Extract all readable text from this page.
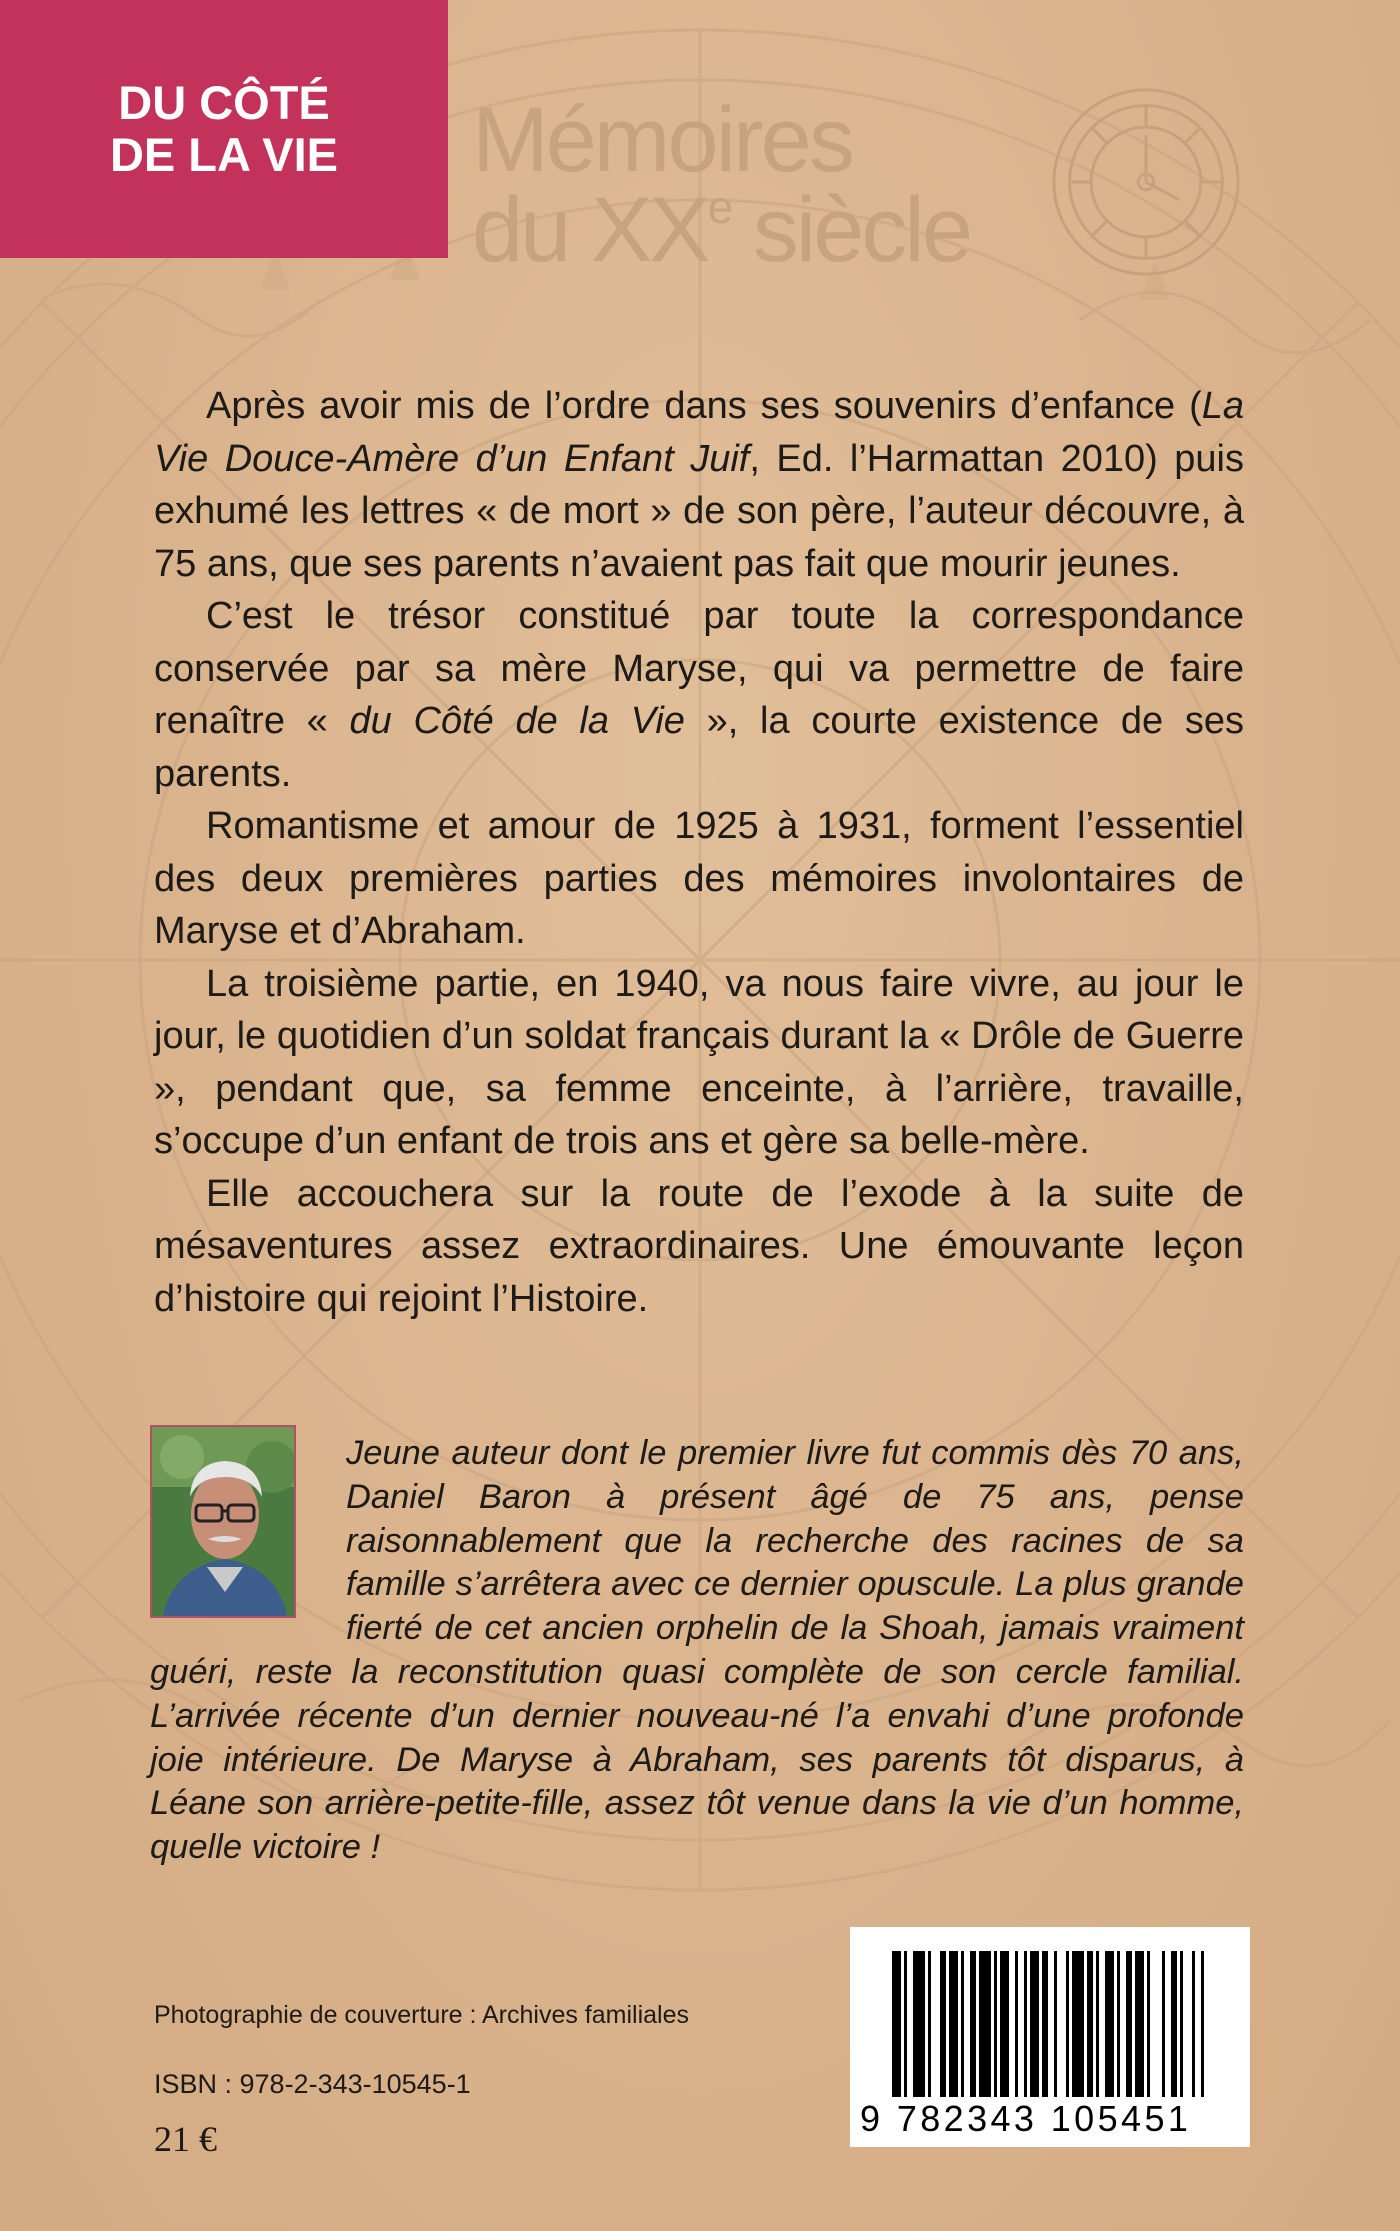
DU CÔTÉ
DE LA VIE Mémoires
du XXe siècle

Après avoir mis de l’ordre dans ses souvenirs d’enfance (La Vie Douce-Amère d’un Enfant Juif, Ed. l’Harmattan 2010) puis exhumé les lettres « de mort » de son père, l’auteur découvre, à 75 ans, que ses parents n’avaient pas fait que mourir jeunes.

C’est le trésor constitué par toute la correspondance conservée par sa mère Maryse, qui va permettre de faire renaître « du Côté de la Vie », la courte existence de ses parents.

Romantisme et amour de 1925 à 1931, forment l’essentiel des deux premières parties des mémoires involontaires de Maryse et d’Abraham.

La troisième partie, en 1940, va nous faire vivre, au jour le jour, le quotidien d’un soldat français durant la « Drôle de Guerre », pendant que, sa femme enceinte, à l’arrière, travaille, s’occupe d’un enfant de trois ans et gère sa belle-mère.

Elle accouchera sur la route de l’exode à la suite de mésaventures assez extraordinaires. Une émouvante leçon d’histoire qui rejoint l’Histoire.

Jeune auteur dont le premier livre fut commis dès 70 ans, Daniel Baron à présent âgé de 75 ans, pense raisonnablement que la recherche des racines de sa famille s’arrêtera avec ce dernier opuscule. La plus grande fierté de cet ancien orphelin de la Shoah, jamais vraiment guéri, reste la reconstitution quasi complète de son cercle familial. L’arrivée récente d’un dernier nouveau-né l’a envahi d’une profonde joie intérieure. De Maryse à Abraham, ses parents tôt disparus, à Léane son arrière-petite-fille, assez tôt venue dans la vie d’un homme, quelle victoire !

9 782343 105451
Photographie de couverture : Archives familiales
ISBN : 978-2-343-10545-1
21 €
